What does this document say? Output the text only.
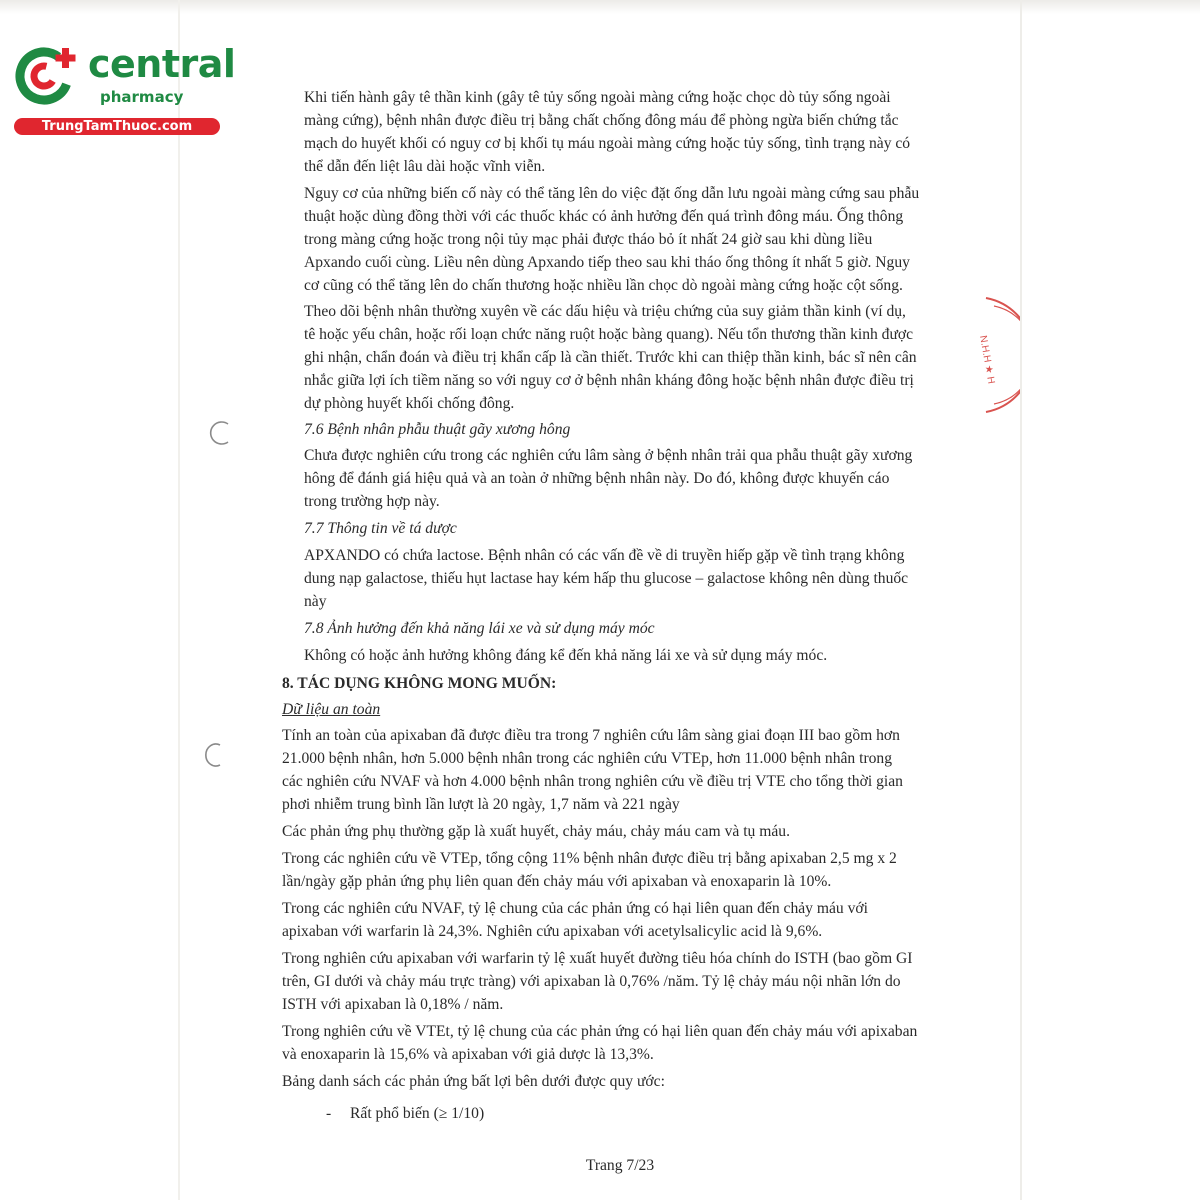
central
pharmacy
TrungTamThuoc.com
N.H.H ★ H
Khi tiến hành gây tê thần kinh (gây tê tủy sống ngoài màng cứng hoặc chọc dò tủy sống ngoài
màng cứng), bệnh nhân được điều trị bằng chất chống đông máu để phòng ngừa biến chứng tắc
mạch do huyết khối có nguy cơ bị khối tụ máu ngoài màng cứng hoặc tủy sống, tình trạng này có
thể dẫn đến liệt lâu dài hoặc vĩnh viễn.
Nguy cơ của những biến cố này có thể tăng lên do việc đặt ống dẫn lưu ngoài màng cứng sau phẫu
thuật hoặc dùng đồng thời với các thuốc khác có ảnh hưởng đến quá trình đông máu. Ống thông
trong màng cứng hoặc trong nội tủy mạc phải được tháo bỏ ít nhất 24 giờ sau khi dùng liều
Apxando cuối cùng. Liều nên dùng Apxando tiếp theo sau khi tháo ống thông ít nhất 5 giờ. Nguy
cơ cũng có thể tăng lên do chấn thương hoặc nhiều lần chọc dò ngoài màng cứng hoặc cột sống.
Theo dõi bệnh nhân thường xuyên về các dấu hiệu và triệu chứng của suy giảm thần kinh (ví dụ,
tê hoặc yếu chân, hoặc rối loạn chức năng ruột hoặc bàng quang). Nếu tổn thương thần kinh được
ghi nhận, chẩn đoán và điều trị khẩn cấp là cần thiết. Trước khi can thiệp thần kinh, bác sĩ nên cân
nhắc giữa lợi ích tiềm năng so với nguy cơ ở bệnh nhân kháng đông hoặc bệnh nhân được điều trị
dự phòng huyết khối chống đông.
7.6 Bệnh nhân phẫu thuật gãy xương hông
Chưa được nghiên cứu trong các nghiên cứu lâm sàng ở bệnh nhân trải qua phẫu thuật gãy xương
hông để đánh giá hiệu quả và an toàn ở những bệnh nhân này. Do đó, không được khuyến cáo
trong trường hợp này.
7.7 Thông tin về tá dược
APXANDO có chứa lactose. Bệnh nhân có các vấn đề về di truyền hiếp gặp về tình trạng không
dung nạp galactose, thiếu hụt lactase hay kém hấp thu glucose – galactose không nên dùng thuốc
này
7.8 Ảnh hưởng đến khả năng lái xe và sử dụng máy móc
Không có hoặc ảnh hưởng không đáng kể đến khả năng lái xe và sử dụng máy móc.
8. TÁC DỤNG KHÔNG MONG MUỐN:
Dữ liệu an toàn
Tính an toàn của apixaban đã được điều tra trong 7 nghiên cứu lâm sàng giai đoạn III bao gồm hơn
21.000 bệnh nhân, hơn 5.000 bệnh nhân trong các nghiên cứu VTEp, hơn 11.000 bệnh nhân trong
các nghiên cứu NVAF và hơn 4.000 bệnh nhân trong nghiên cứu về điều trị VTE cho tổng thời gian
phơi nhiễm trung bình lần lượt là 20 ngày, 1,7 năm và 221 ngày
Các phản ứng phụ thường gặp là xuất huyết, chảy máu, chảy máu cam và tụ máu.
Trong các nghiên cứu về VTEp, tổng cộng 11% bệnh nhân được điều trị bằng apixaban 2,5 mg x 2
lần/ngày gặp phản ứng phụ liên quan đến chảy máu với apixaban và enoxaparin là 10%.
Trong các nghiên cứu NVAF, tỷ lệ chung của các phản ứng có hại liên quan đến chảy máu với
apixaban với warfarin là 24,3%. Nghiên cứu apixaban với acetylsalicylic acid là 9,6%.
Trong nghiên cứu apixaban với warfarin tỷ lệ xuất huyết đường tiêu hóa chính do ISTH (bao gồm GI
trên, GI dưới và chảy máu trực tràng) với apixaban là 0,76% /năm. Tỷ lệ chảy máu nội nhãn lớn do
ISTH với apixaban là 0,18% / năm.
Trong nghiên cứu về VTEt, tỷ lệ chung của các phản ứng có hại liên quan đến chảy máu với apixaban
và enoxaparin là 15,6% và apixaban với giả dược là 13,3%.
Bảng danh sách các phản ứng bất lợi bên dưới được quy ước:
- Rất phổ biến (≥ 1/10)
Trang 7/23
